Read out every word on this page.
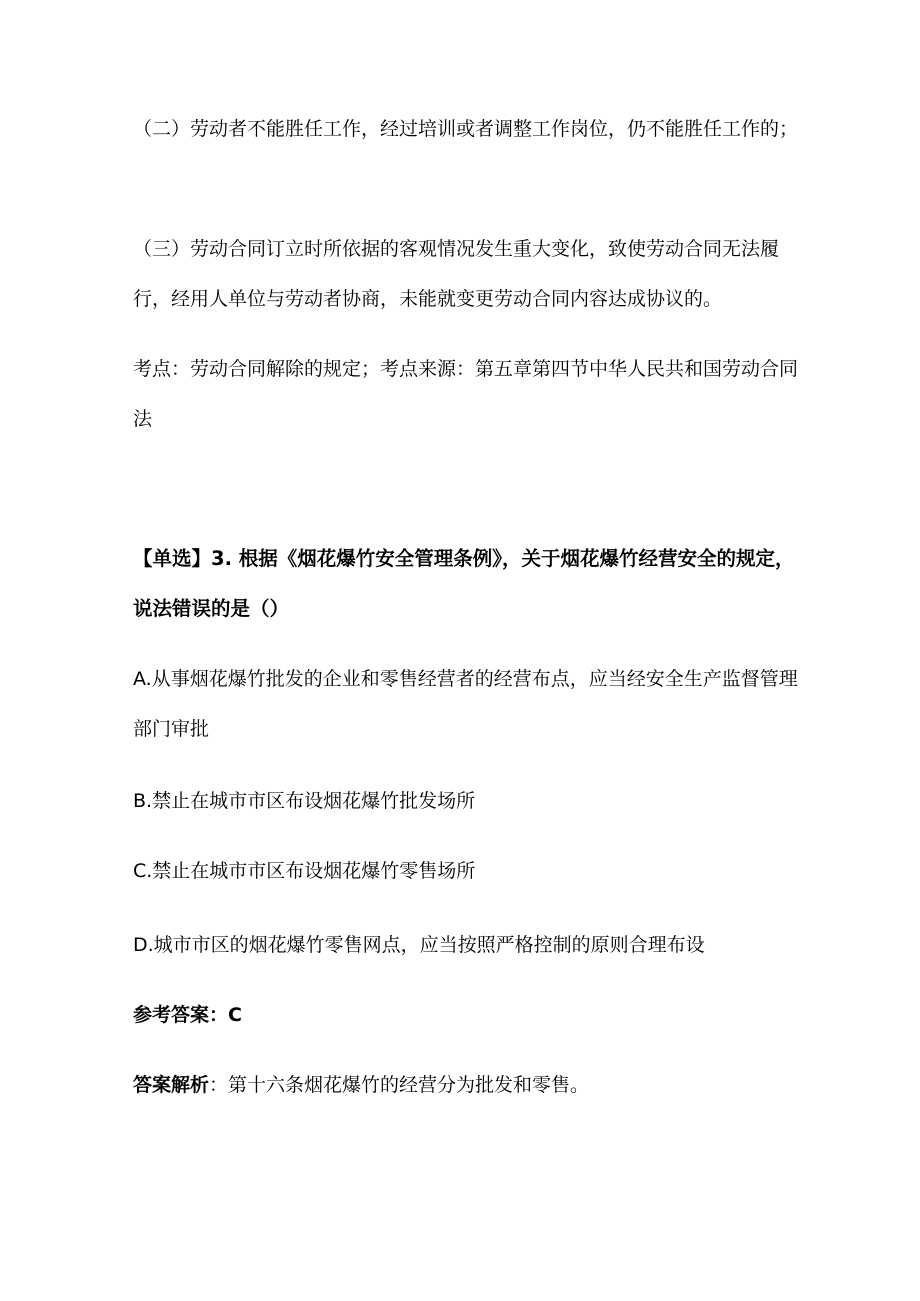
（二）劳动者不能胜任工作，经过培训或者调整工作岗位，仍不能胜任工作的；
（三）劳动合同订立时所依据的客观情况发生重大变化，致使劳动合同无法履行，经用人单位与劳动者协商，未能就变更劳动合同内容达成协议的。
考点：劳动合同解除的规定；考点来源：第五章第四节中华人民共和国劳动合同法
【单选】3. 根据《烟花爆竹安全管理条例》，关于烟花爆竹经营安全的规定，说法错误的是（）
A.从事烟花爆竹批发的企业和零售经营者的经营布点，应当经安全生产监督管理部门审批
B.禁止在城市市区布设烟花爆竹批发场所
C.禁止在城市市区布设烟花爆竹零售场所
D.城市市区的烟花爆竹零售网点，应当按照严格控制的原则合理布设
参考答案：C
答案解析：第十六条烟花爆竹的经营分为批发和零售。
